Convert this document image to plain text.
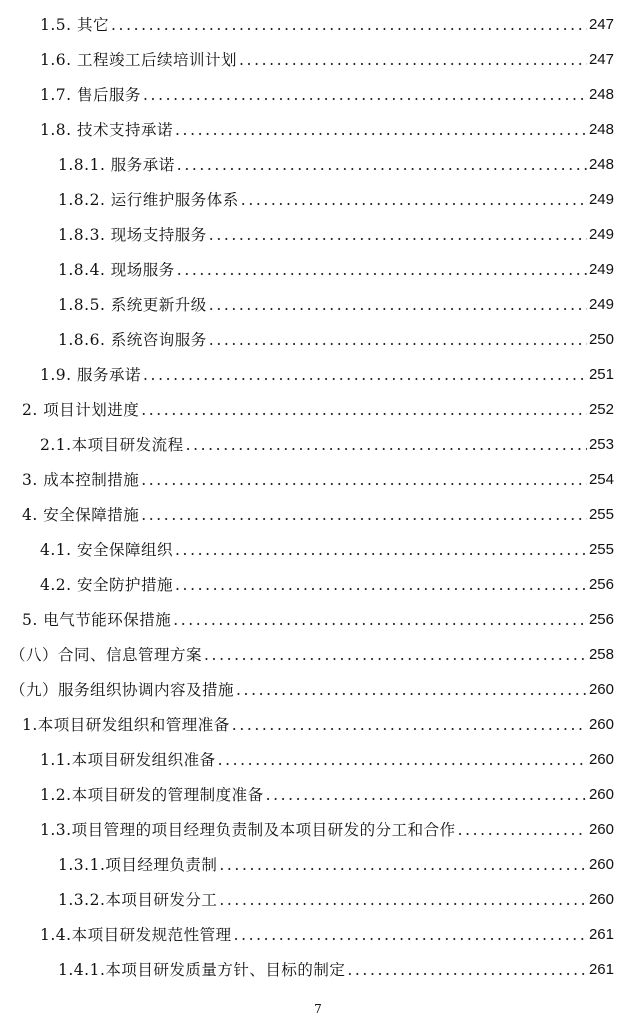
1.5. 其它 .....	247
1.6. 工程竣工后续培训计划 .....	247
1.7. 售后服务 .....	248
1.8. 技术支持承诺 .....	248
1.8.1. 服务承诺 .....	248
1.8.2. 运行维护服务体系 .....	249
1.8.3. 现场支持服务 .....	249
1.8.4. 现场服务 .....	249
1.8.5. 系统更新升级 .....	249
1.8.6. 系统咨询服务 .....	250
1.9. 服务承诺 .....	251
2. 项目计划进度 .....	252
2.1.本项目研发流程 .....	253
3. 成本控制措施 .....	254
4. 安全保障措施 .....	255
4.1. 安全保障组织 .....	255
4.2. 安全防护措施 .....	256
5. 电气节能环保措施 .....	256
（八）合同、信息管理方案 .....	258
（九）服务组织协调内容及措施 .....	260
1.本项目研发组织和管理准备 .....	260
1.1.本项目研发组织准备 .....	260
1.2.本项目研发的管理制度准备 .....	260
1.3.项目管理的项目经理负责制及本项目研发的分工和合作 .....	260
1.3.1.项目经理负责制 .....	260
1.3.2.本项目研发分工 .....	260
1.4.本项目研发规范性管理 .....	261
1.4.1.本项目研发质量方针、目标的制定 .....	261
7
